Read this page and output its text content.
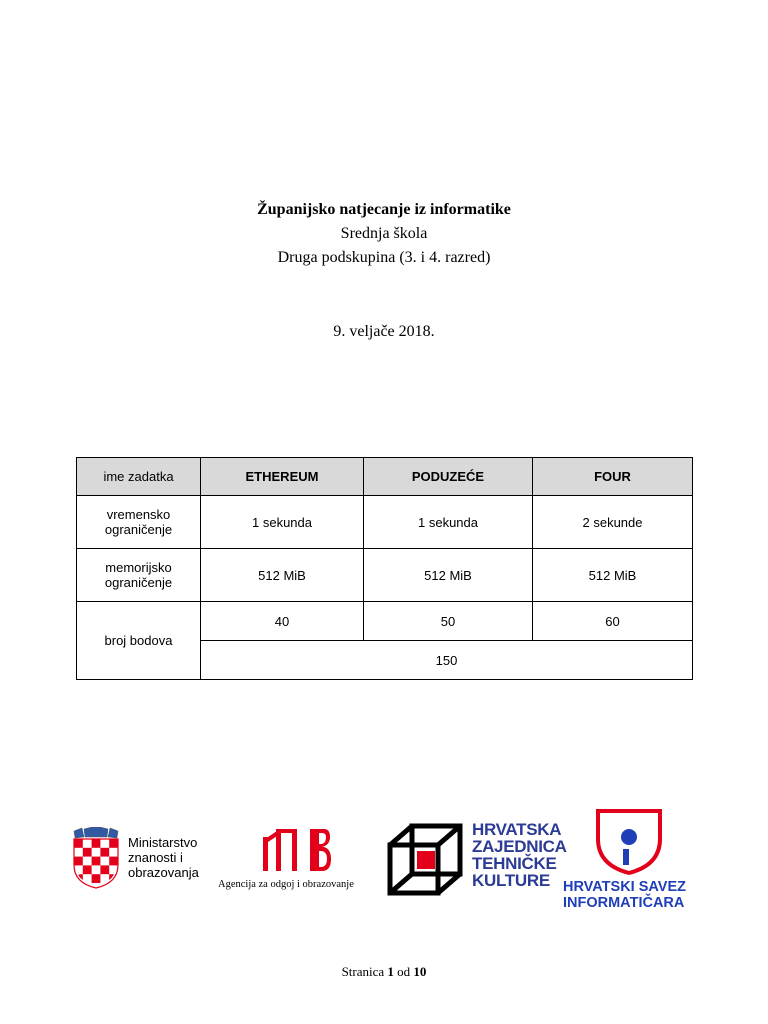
Županijsko natjecanje iz informatike
Srednja škola
Druga podskupina (3. i 4. razred)
9. veljače 2018.
ime zadatka	ETHEREUM	PODUZEĆE	FOUR
vremensko
ograničenje	1 sekunda	1 sekunda	2 sekunde
memorijsko
ograničenje	512 MiB	512 MiB	512 MiB
broj bodova	40	50	60
	150		
Ministarstvo
znanosti i
obrazovanja
Agencija za odgoj i obrazovanje
HRVATSKA
ZAJEDNICA
TEHNIČKE
KULTURE HRVATSKI SAVEZ
INFORMATIČARA
Stranica 1 od 10
